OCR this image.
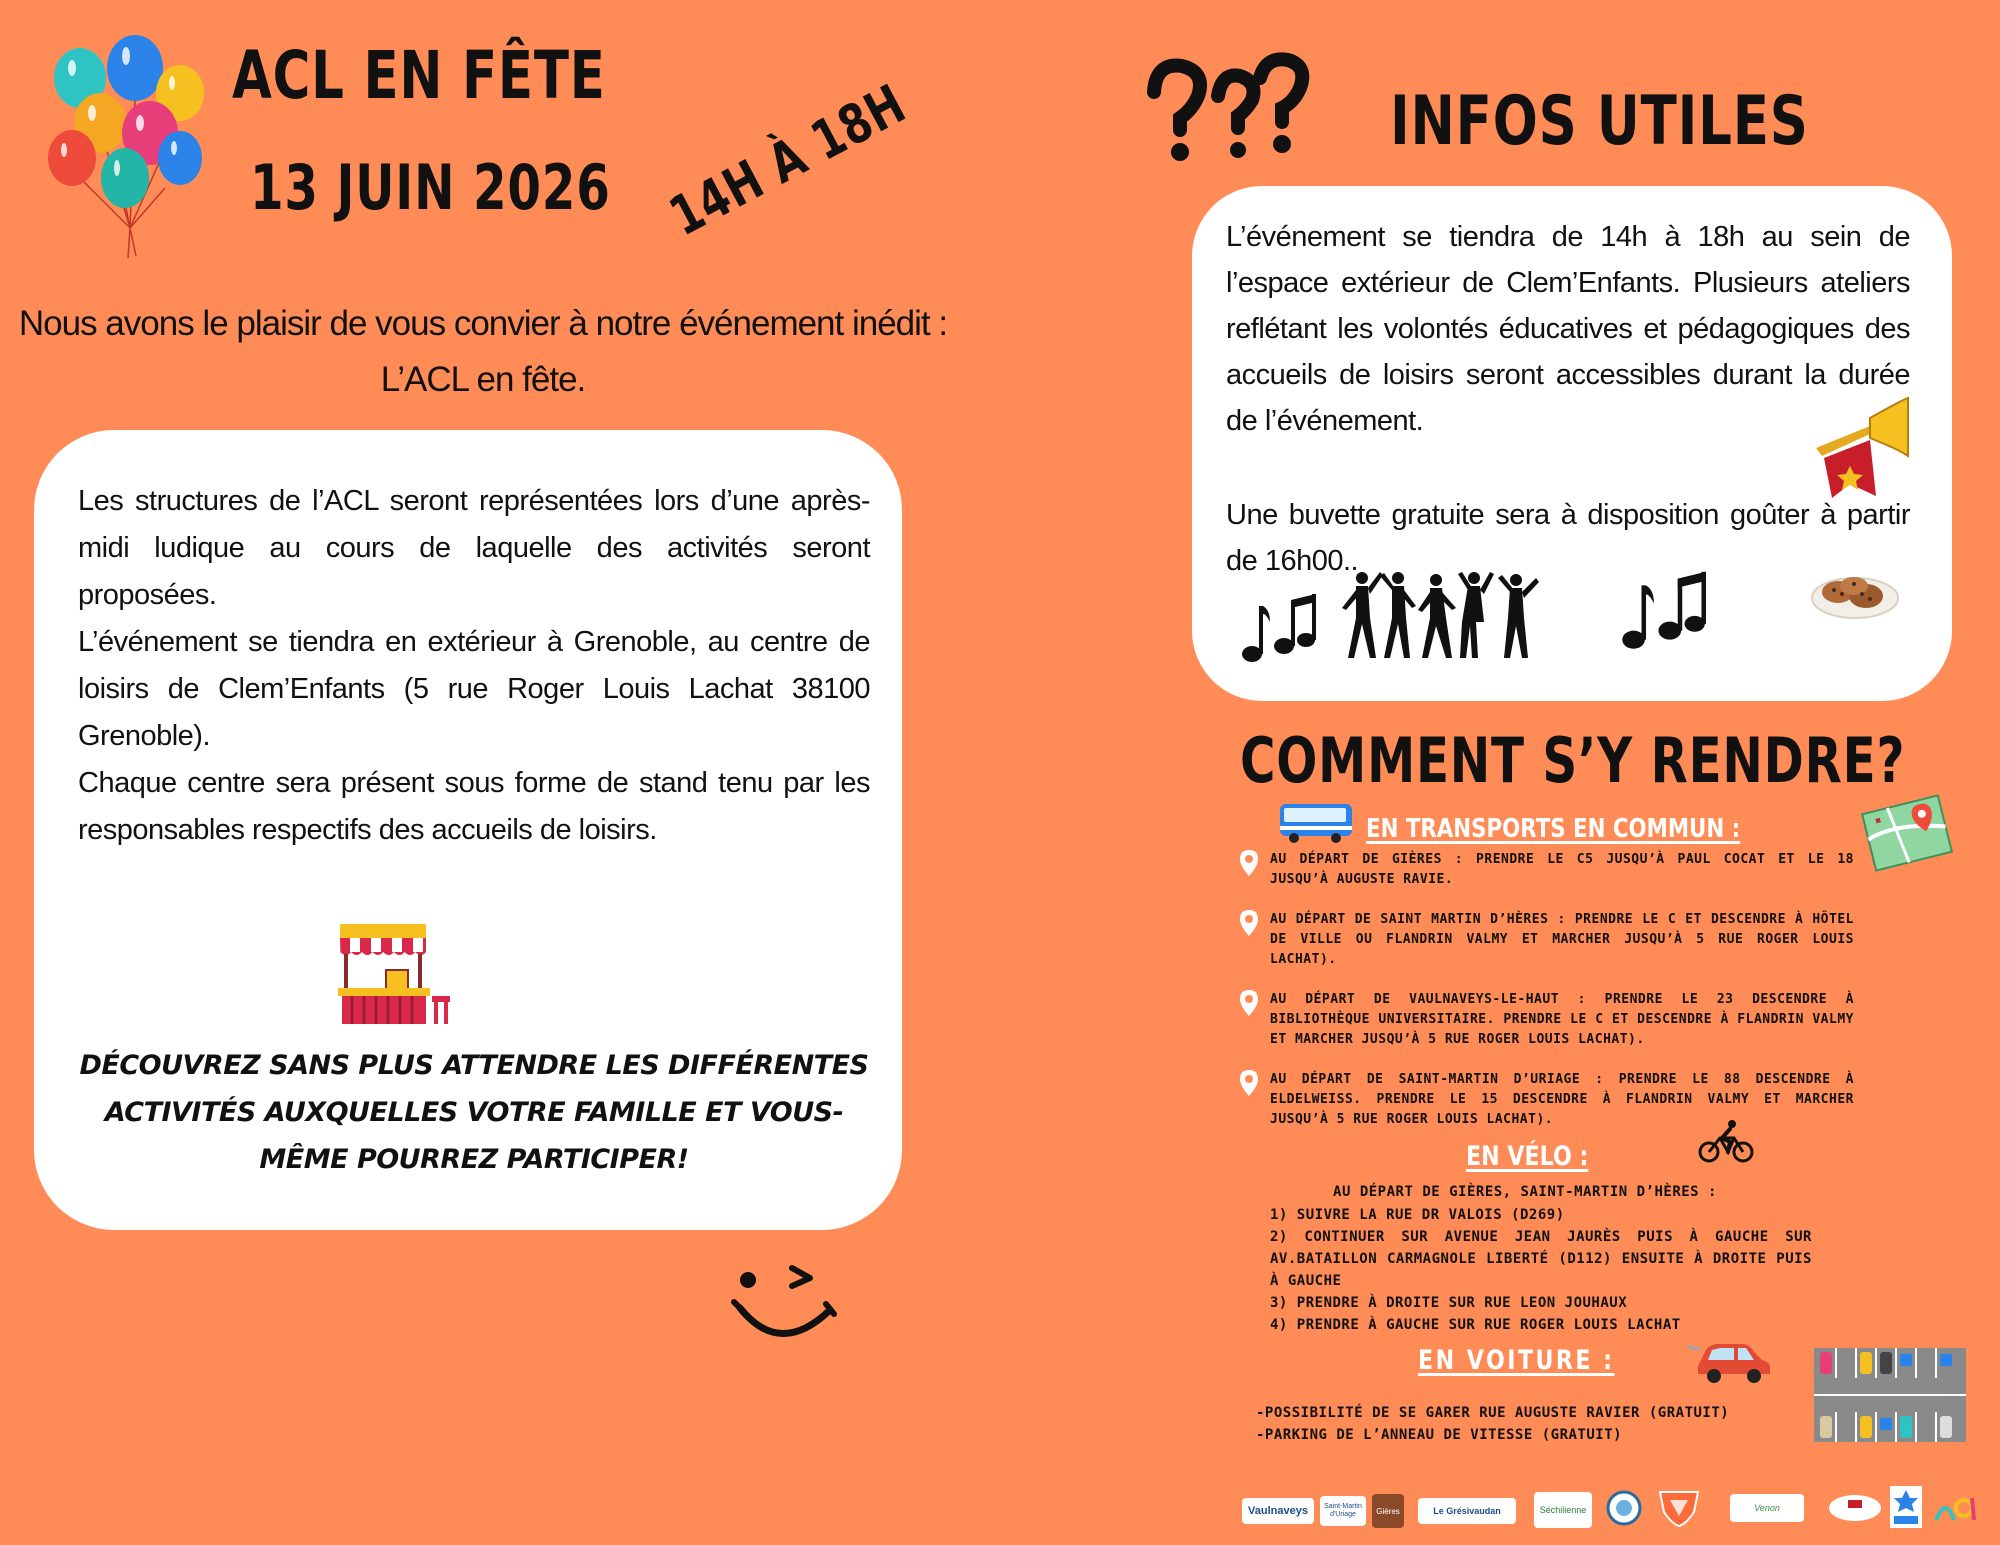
ACL EN FÊTE
13 JUIN 2026 14H À 18H
Nous avons le plaisir de vous convier à notre événement inédit : L’ACL en fête.
Les structures de l’ACL seront représentées lors d’une après-midi ludique au cours de laquelle des activités seront proposées.
L’événement se tiendra en extérieur à Grenoble, au centre de loisirs de Clem’Enfants (5 rue Roger Louis Lachat 38100 Grenoble).
Chaque centre sera présent sous forme de stand tenu par les responsables respectifs des accueils de loisirs.
DÉCOUVREZ SANS PLUS ATTENDRE LES DIFFÉRENTES ACTIVITÉS AUXQUELLES VOTRE FAMILLE ET VOUS-MÊME POURREZ PARTICIPER!
INFOS UTILES
L’événement se tiendra de 14h à 18h au sein de l’espace extérieur de Clem’Enfants. Plusieurs ateliers reflétant les volontés éducatives et pédagogiques des accueils de loisirs seront accessibles durant la durée de l’événement.
Une buvette gratuite sera à disposition goûter à partir de 16h00..
COMMENT S’Y RENDRE?
EN TRANSPORTS EN COMMUN :
AU DÉPART DE GIÈRES : PRENDRE LE C5 JUSQU’À PAUL COCAT ET LE 18 JUSQU’À AUGUSTE RAVIE.
AU DÉPART DE SAINT MARTIN D’HÈRES : PRENDRE LE C ET DESCENDRE À HÔTEL DE VILLE OU FLANDRIN VALMY ET MARCHER JUSQU’À 5 RUE ROGER LOUIS LACHAT).
AU DÉPART DE VAULNAVEYS-LE-HAUT : PRENDRE LE 23 DESCENDRE À BIBLIOTHÈQUE UNIVERSITAIRE. PRENDRE LE C ET DESCENDRE À FLANDRIN VALMY ET MARCHER JUSQU’À 5 RUE ROGER LOUIS LACHAT).
AU DÉPART DE SAINT-MARTIN D’URIAGE : PRENDRE LE 88 DESCENDRE À ELDELWEISS. PRENDRE LE 15 DESCENDRE À FLANDRIN VALMY ET MARCHER JUSQU’À 5 RUE ROGER LOUIS LACHAT).
EN VÉLO :
AU DÉPART DE GIÈRES, SAINT-MARTIN D’HÈRES :
1) SUIVRE LA RUE DR VALOIS (D269)
2) CONTINUER SUR AVENUE JEAN JAURÈS PUIS À GAUCHE SUR AV.BATAILLON CARMAGNOLE LIBERTÉ (D112) ENSUITE À DROITE PUIS À GAUCHE
3) PRENDRE À DROITE SUR RUE LEON JOUHAUX
4) PRENDRE À GAUCHE SUR RUE ROGER LOUIS LACHAT
EN VOITURE :
-POSSIBILITÉ DE SE GARER RUE AUGUSTE RAVIER (GRATUIT)
-PARKING DE L’ANNEAU DE VITESSE (GRATUIT)
Vaulnaveys	Saint-Martin d'Uriage	Gières	Le Grésivaudan	Séchilienne	Venon
